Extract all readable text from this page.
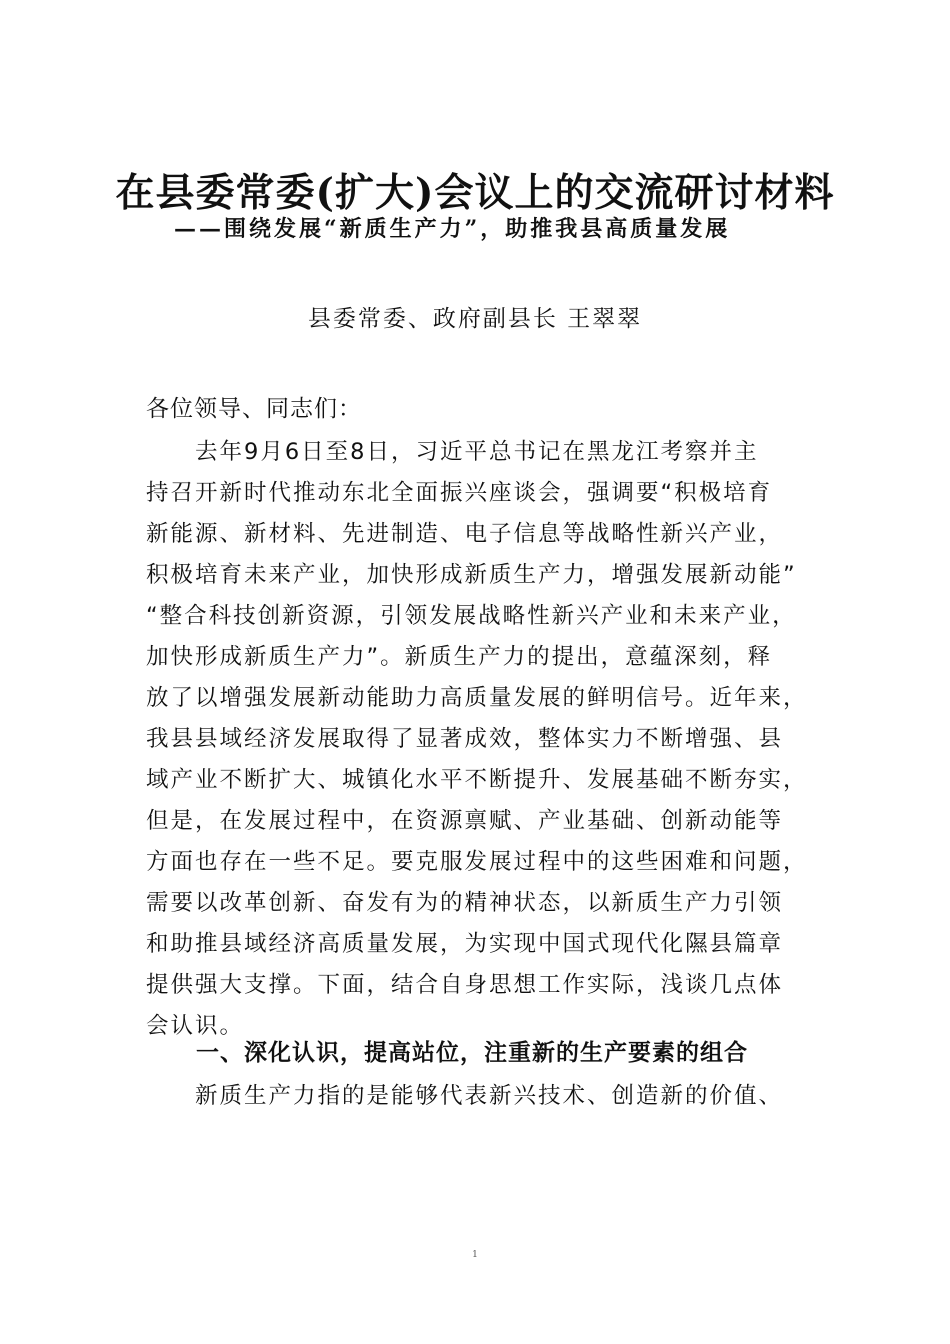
在县委常委(扩大)会议上的交流研讨材料
——围绕发展“新质生产力”，助推我县高质量发展
县委常委、政府副县长 王翠翠
各位领导、同志们：
　　去年9月6日至8日，习近平总书记在黑龙江考察并主
持召开新时代推动东北全面振兴座谈会，强调要“积极培育
新能源、新材料、先进制造、电子信息等战略性新兴产业，
积极培育未来产业，加快形成新质生产力，增强发展新动能”
“整合科技创新资源，引领发展战略性新兴产业和未来产业，
加快形成新质生产力”。新质生产力的提出，意蕴深刻，释
放了以增强发展新动能助力高质量发展的鲜明信号。近年来，
我县县域经济发展取得了显著成效，整体实力不断增强、县
域产业不断扩大、城镇化水平不断提升、发展基础不断夯实，
但是，在发展过程中，在资源禀赋、产业基础、创新动能等
方面也存在一些不足。要克服发展过程中的这些困难和问题，
需要以改革创新、奋发有为的精神状态，以新质生产力引领
和助推县域经济高质量发展，为实现中国式现代化隰县篇章
提供强大支撑。下面，结合自身思想工作实际，浅谈几点体
会认识。
一、深化认识，提高站位，注重新的生产要素的组合
　　新质生产力指的是能够代表新兴技术、创造新的价值、
1
